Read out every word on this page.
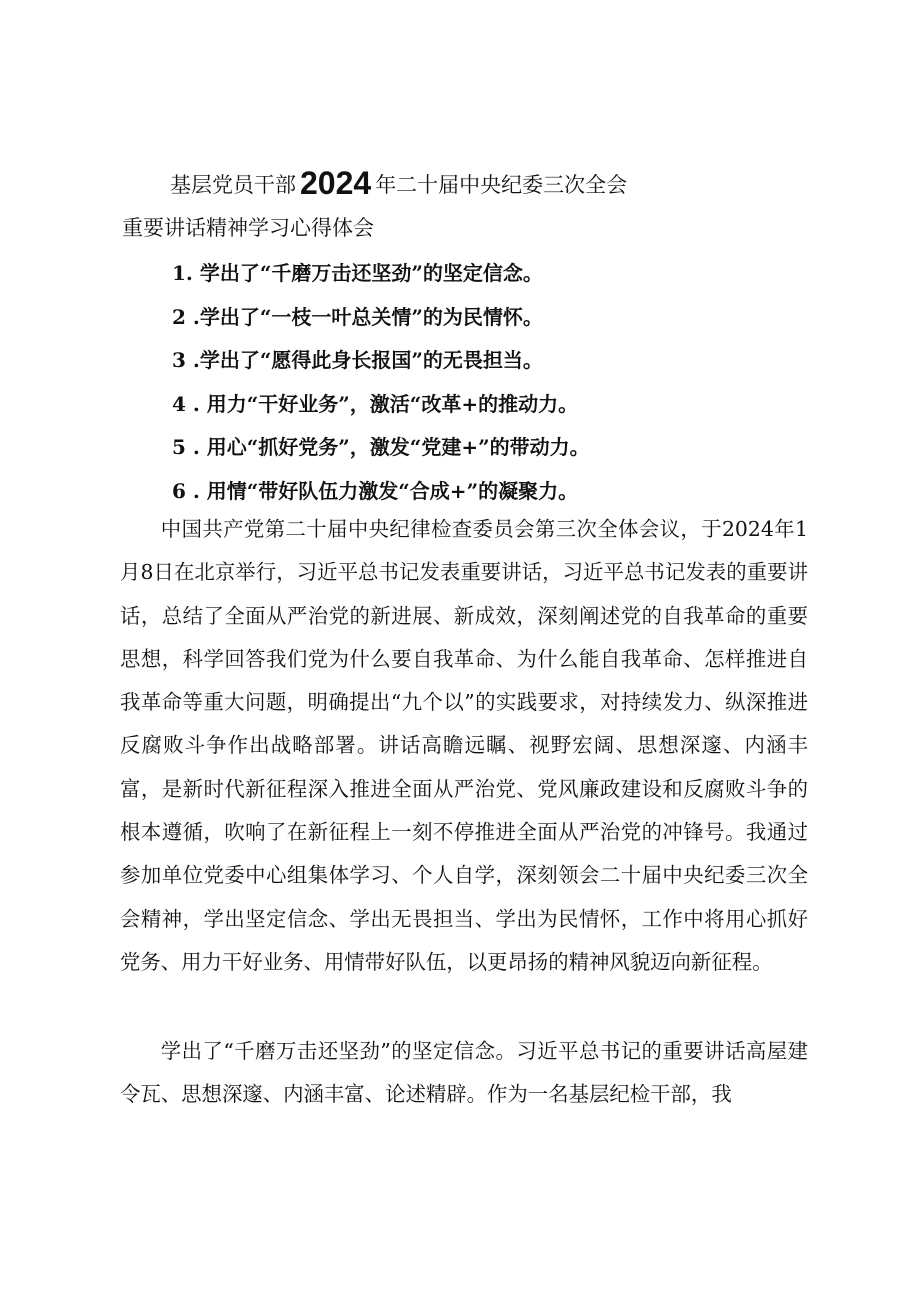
基层党员干部 2024 年二十届中央纪委三次全会
重要讲话精神学习心得体会
1. 学出了“千磨万击还坚劲”的坚定信念。
2 .学出了“一枝一叶总关情”的为民情怀。
3 .学出了“愿得此身长报国”的无畏担当。
4 . 用力“干好业务”，激活“改革+的推动力。
5 . 用心“抓好党务”，激发“党建+”的带动力。
6 . 用情“带好队伍力激发“合成+”的凝聚力。

中国共产党第二十届中央纪律检查委员会第三次全体会议，于2024年1月8日在北京举行，习近平总书记发表重要讲话，习近平总书记发表的重要讲话，总结了全面从严治党的新进展、新成效，深刻阐述党的自我革命的重要思想，科学回答我们党为什么要自我革命、为什么能自我革命、怎样推进自我革命等重大问题，明确提出“九个以”的实践要求，对持续发力、纵深推进反腐败斗争作出战略部署。讲话高瞻远瞩、视野宏阔、思想深邃、内涵丰富，是新时代新征程深入推进全面从严治党、党风廉政建设和反腐败斗争的根本遵循，吹响了在新征程上一刻不停推进全面从严治党的冲锋号。我通过参加单位党委中心组集体学习、个人自学，深刻领会二十届中央纪委三次全会精神，学出坚定信念、学出无畏担当、学出为民情怀，工作中将用心抓好党务、用力干好业务、用情带好队伍，以更昂扬的精神风貌迈向新征程。

学出了“千磨万击还坚劲”的坚定信念。习近平总书记的重要讲话高屋建令瓦、思想深邃、内涵丰富、论述精辟。作为一名基层纪检干部，我
